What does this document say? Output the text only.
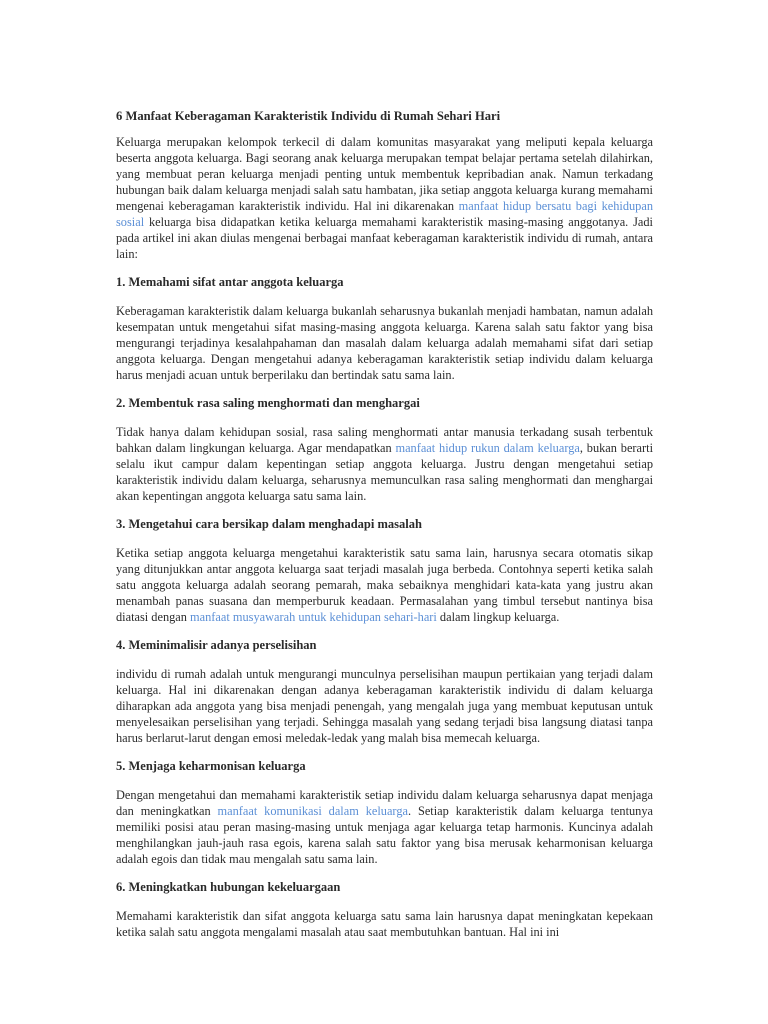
6 Manfaat Keberagaman Karakteristik Individu di Rumah Sehari Hari

Keluarga merupakan kelompok terkecil di dalam komunitas masyarakat yang meliputi kepala keluarga beserta anggota keluarga. Bagi seorang anak keluarga merupakan tempat belajar pertama setelah dilahirkan, yang membuat peran keluarga menjadi penting untuk membentuk kepribadian anak. Namun terkadang hubungan baik dalam keluarga menjadi salah satu hambatan, jika setiap anggota keluarga kurang memahami mengenai keberagaman karakteristik individu. Hal ini dikarenakan manfaat hidup bersatu bagi kehidupan sosial keluarga bisa didapatkan ketika keluarga memahami karakteristik masing-masing anggotanya. Jadi pada artikel ini akan diulas mengenai berbagai manfaat keberagaman karakteristik individu di rumah, antara lain:

1. Memahami sifat antar anggota keluarga

Keberagaman karakteristik dalam keluarga bukanlah seharusnya bukanlah menjadi hambatan, namun adalah kesempatan untuk mengetahui sifat masing-masing anggota keluarga. Karena salah satu faktor yang bisa mengurangi terjadinya kesalahpahaman dan masalah dalam keluarga adalah memahami sifat dari setiap anggota keluarga. Dengan mengetahui adanya keberagaman karakteristik setiap individu dalam keluarga harus menjadi acuan untuk berperilaku dan bertindak satu sama lain.

2. Membentuk rasa saling menghormati dan menghargai

Tidak hanya dalam kehidupan sosial, rasa saling menghormati antar manusia terkadang susah terbentuk bahkan dalam lingkungan keluarga. Agar mendapatkan manfaat hidup rukun dalam keluarga, bukan berarti selalu ikut campur dalam kepentingan setiap anggota keluarga. Justru dengan mengetahui setiap karakteristik individu dalam keluarga, seharusnya memunculkan rasa saling menghormati dan menghargai akan kepentingan anggota keluarga satu sama lain.

3. Mengetahui cara bersikap dalam menghadapi masalah

Ketika setiap anggota keluarga mengetahui karakteristik satu sama lain, harusnya secara otomatis sikap yang ditunjukkan antar anggota keluarga saat terjadi masalah juga berbeda. Contohnya seperti ketika salah satu anggota keluarga adalah seorang pemarah, maka sebaiknya menghidari kata-kata yang justru akan menambah panas suasana dan memperburuk keadaan. Permasalahan yang timbul tersebut nantinya bisa diatasi dengan manfaat musyawarah untuk kehidupan sehari-hari dalam lingkup keluarga.

4. Meminimalisir adanya perselisihan

individu di rumah adalah untuk mengurangi munculnya perselisihan maupun pertikaian yang terjadi dalam keluarga. Hal ini dikarenakan dengan adanya keberagaman karakteristik individu di dalam keluarga diharapkan ada anggota yang bisa menjadi penengah, yang mengalah juga yang membuat keputusan untuk menyelesaikan perselisihan yang terjadi. Sehingga masalah yang sedang terjadi bisa langsung diatasi tanpa harus berlarut-larut dengan emosi meledak-ledak yang malah bisa memecah keluarga.

5. Menjaga keharmonisan keluarga

Dengan mengetahui dan memahami karakteristik setiap individu dalam keluarga seharusnya dapat menjaga dan meningkatkan manfaat komunikasi dalam keluarga. Setiap karakteristik dalam keluarga tentunya memiliki posisi atau peran masing-masing untuk menjaga agar keluarga tetap harmonis. Kuncinya adalah menghilangkan jauh-jauh rasa egois, karena salah satu faktor yang bisa merusak keharmonisan keluarga adalah egois dan tidak mau mengalah satu sama lain.

6. Meningkatkan hubungan kekeluargaan

Memahami karakteristik dan sifat anggota keluarga satu sama lain harusnya dapat meningkatan kepekaan ketika salah satu anggota mengalami masalah atau saat membutuhkan bantuan. Hal ini ini
